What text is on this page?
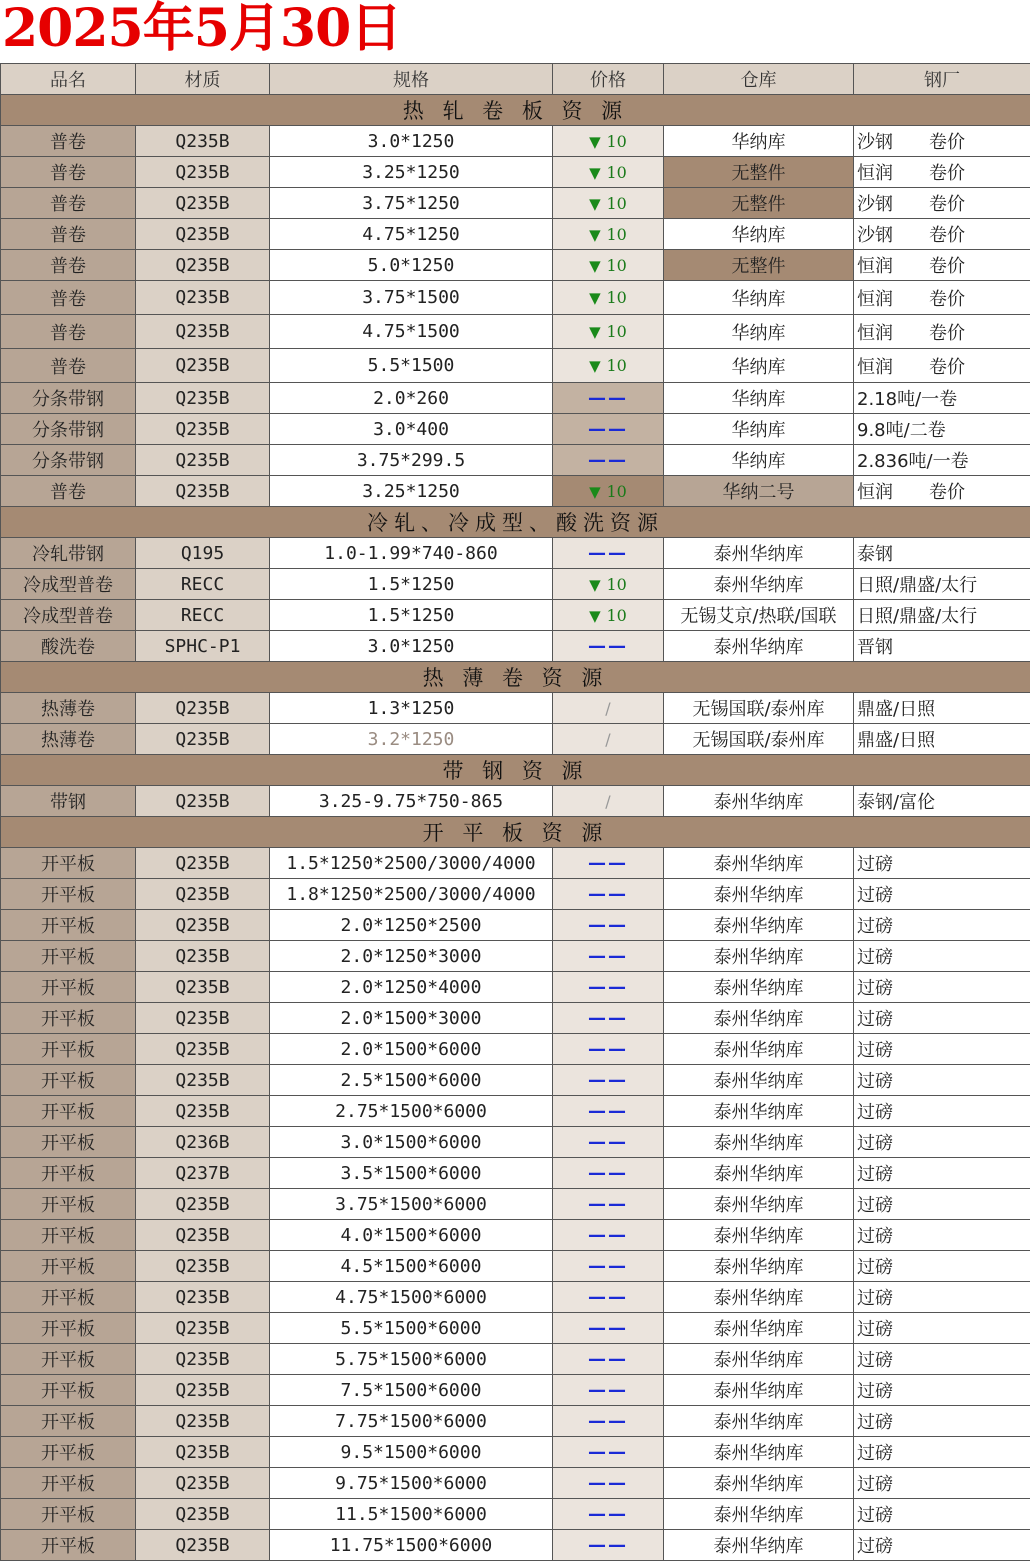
2025年5月30日
品名	材质	规格	价格	仓库	钢厂
热 轧 卷 板 资 源					
普卷	Q235B	3.0*1250	▼ 10	华纳库	沙钢 卷价
普卷	Q235B	3.25*1250	▼ 10	无整件	恒润 卷价
普卷	Q235B	3.75*1250	▼ 10	无整件	沙钢 卷价
普卷	Q235B	4.75*1250	▼ 10	华纳库	沙钢 卷价
普卷	Q235B	5.0*1250	▼ 10	无整件	恒润 卷价
普卷	Q235B	3.75*1500	▼ 10	华纳库	恒润 卷价
普卷	Q235B	4.75*1500	▼ 10	华纳库	恒润 卷价
普卷	Q235B	5.5*1500	▼ 10	华纳库	恒润 卷价
分条带钢	Q235B	2.0*260	——	华纳库	2.18吨/一卷
分条带钢	Q235B	3.0*400	——	华纳库	9.8吨/二卷
分条带钢	Q235B	3.75*299.5	——	华纳库	2.836吨/一卷
普卷	Q235B	3.25*1250	▼ 10	华纳二号	恒润 卷价
冷轧、冷成型、酸洗资源					
冷轧带钢	Q195	1.0-1.99*740-860	——	泰州华纳库	泰钢
冷成型普卷	RECC	1.5*1250	▼ 10	泰州华纳库	日照/鼎盛/太行
冷成型普卷	RECC	1.5*1250	▼ 10	无锡艾京/热联/国联	日照/鼎盛/太行
酸洗卷	SPHC-P1	3.0*1250	——	泰州华纳库	晋钢
热 薄 卷 资 源					
热薄卷	Q235B	1.3*1250	/	无锡国联/泰州库	鼎盛/日照
热薄卷	Q235B	3.2*1250	/	无锡国联/泰州库	鼎盛/日照
带 钢 资 源					
带钢	Q235B	3.25-9.75*750-865	/	泰州华纳库	泰钢/富伦
开 平 板 资 源					
开平板	Q235B	1.5*1250*2500/3000/4000	——	泰州华纳库	过磅
开平板	Q235B	1.8*1250*2500/3000/4000	——	泰州华纳库	过磅
开平板	Q235B	2.0*1250*2500	——	泰州华纳库	过磅
开平板	Q235B	2.0*1250*3000	——	泰州华纳库	过磅
开平板	Q235B	2.0*1250*4000	——	泰州华纳库	过磅
开平板	Q235B	2.0*1500*3000	——	泰州华纳库	过磅
开平板	Q235B	2.0*1500*6000	——	泰州华纳库	过磅
开平板	Q235B	2.5*1500*6000	——	泰州华纳库	过磅
开平板	Q235B	2.75*1500*6000	——	泰州华纳库	过磅
开平板	Q236B	3.0*1500*6000	——	泰州华纳库	过磅
开平板	Q237B	3.5*1500*6000	——	泰州华纳库	过磅
开平板	Q235B	3.75*1500*6000	——	泰州华纳库	过磅
开平板	Q235B	4.0*1500*6000	——	泰州华纳库	过磅
开平板	Q235B	4.5*1500*6000	——	泰州华纳库	过磅
开平板	Q235B	4.75*1500*6000	——	泰州华纳库	过磅
开平板	Q235B	5.5*1500*6000	——	泰州华纳库	过磅
开平板	Q235B	5.75*1500*6000	——	泰州华纳库	过磅
开平板	Q235B	7.5*1500*6000	——	泰州华纳库	过磅
开平板	Q235B	7.75*1500*6000	——	泰州华纳库	过磅
开平板	Q235B	9.5*1500*6000	——	泰州华纳库	过磅
开平板	Q235B	9.75*1500*6000	——	泰州华纳库	过磅
开平板	Q235B	11.5*1500*6000	——	泰州华纳库	过磅
开平板	Q235B	11.75*1500*6000	——	泰州华纳库	过磅
